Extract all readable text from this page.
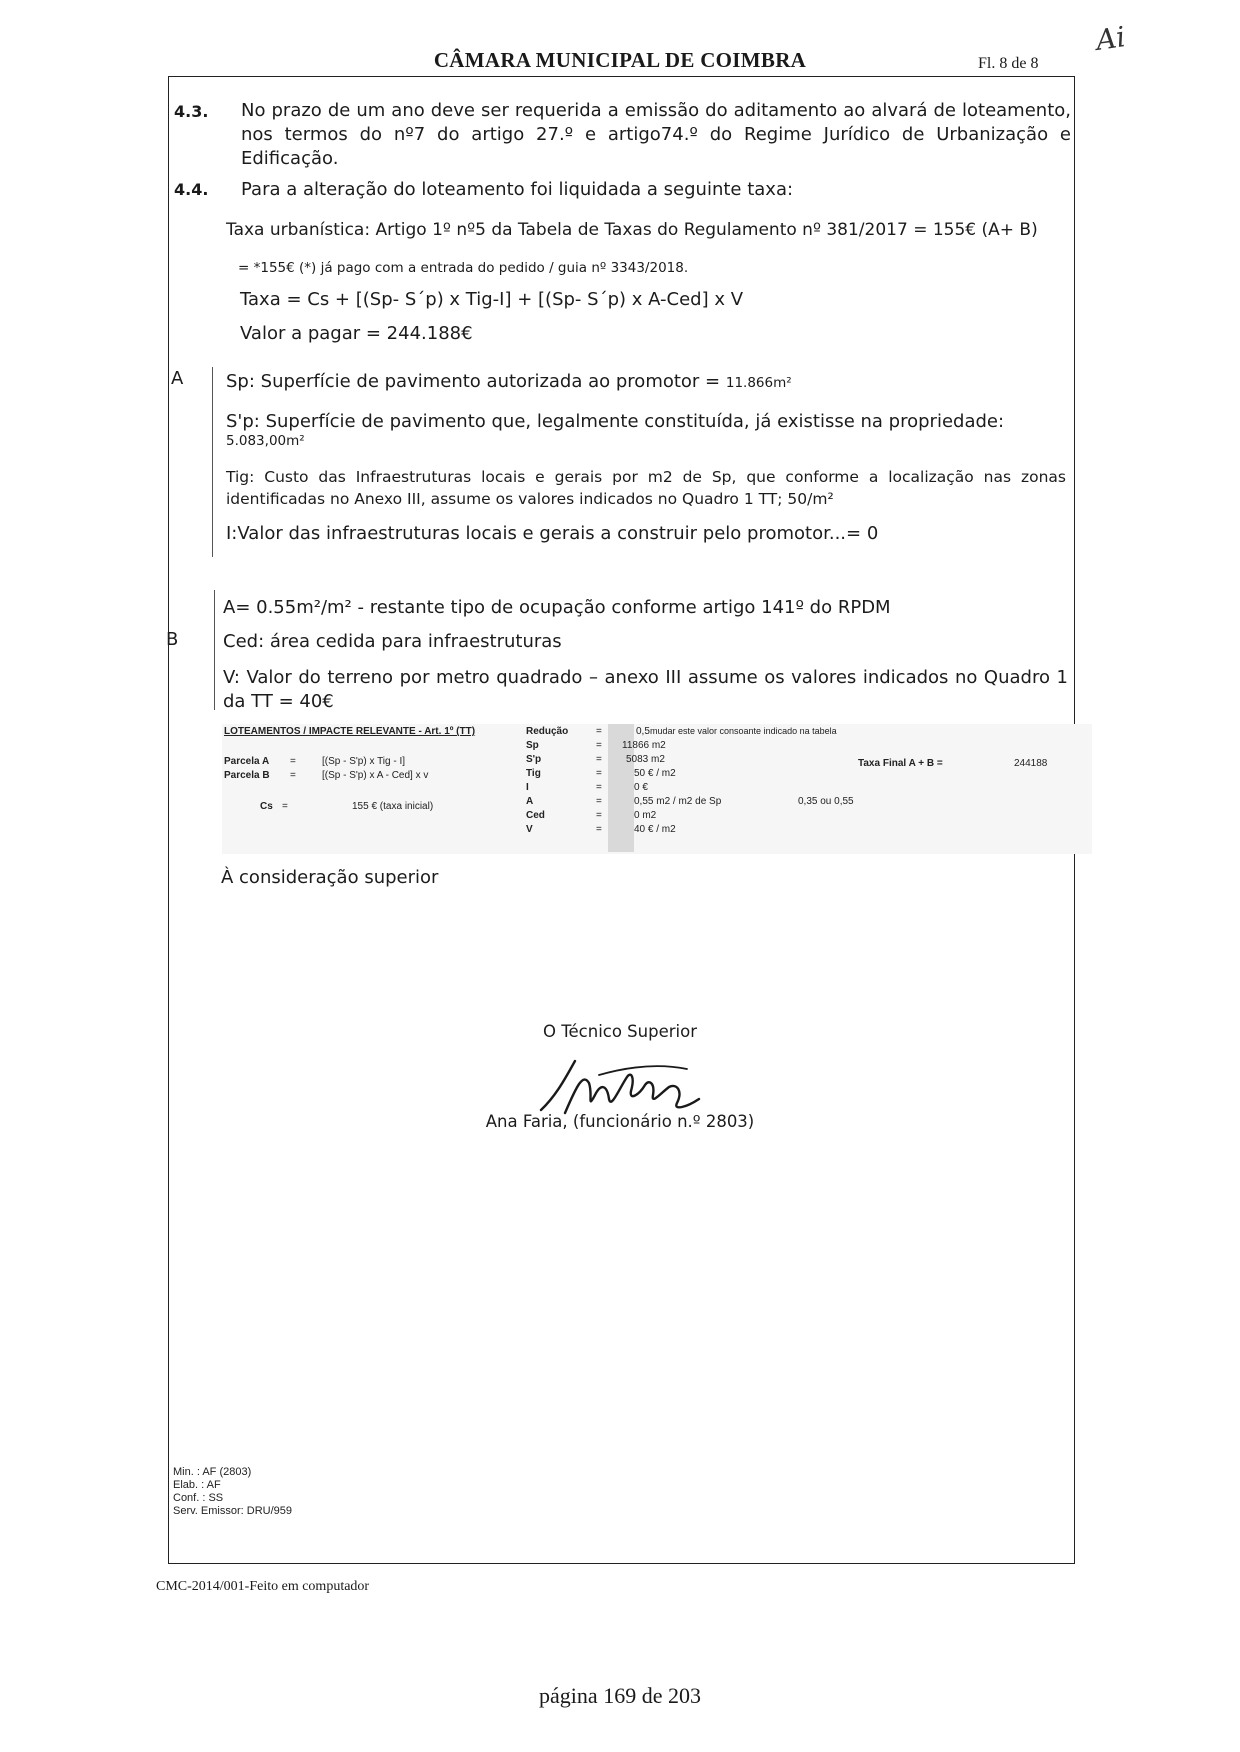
CÂMARA MUNICIPAL DE COIMBRA	Fl. 8 de 8
Ai
4.3. No prazo de um ano deve ser requerida a emissão do aditamento ao alvará de loteamento, nos termos do nº7 do artigo 27.º e artigo74.º do Regime Jurídico de Urbanização e Edificação.
4.4. Para a alteração do loteamento foi liquidada a seguinte taxa:
Taxa urbanística: Artigo 1º nº5 da Tabela de Taxas do Regulamento nº 381/2017 = 155€ (A+ B)
= *155€ (*) já pago com a entrada do pedido / guia nº 3343/2018.
Taxa = Cs + [(Sp- S´p) x Tig-I] + [(Sp- S´p) x A-Ced] x V
Valor a pagar = 244.188€
A Sp: Superfície de pavimento autorizada ao promotor = 11.866m²
S'p: Superfície de pavimento que, legalmente constituída, já existisse na propriedade:
5.083,00m²
Tig: Custo das Infraestruturas locais e gerais por m2 de Sp, que conforme a localização nas zonas identificadas no Anexo III, assume os valores indicados no Quadro 1 TT; 50/m²
I:Valor das infraestruturas locais e gerais a construir pelo promotor...= 0
B
A= 0.55m²/m² - restante tipo de ocupação conforme artigo 141º do RPDM
Ced: área cedida para infraestruturas
V: Valor do terreno por metro quadrado – anexo III assume os valores indicados no Quadro 1 da TT = 40€
LOTEAMENTOS / IMPACTE RELEVANTE - Art. 1º (TT)
Parcela A =	[(Sp - S'p) x Tig - I]
Parcela B =	[(Sp - S'p) x A - Ced] x v
Cs =	155 € (taxa inicial)
Redução	=	0,5 mudar este valor consoante indicado na tabela
Sp	= 11866 m2
S'p	= 5083 m2
Tig	=	50 € / m2
I	=	0 €
A	=	0,55 m2 / m2 de Sp	0,35 ou 0,55
Ced	=	0 m2
V	=	40 € / m2
Taxa Final A + B =	244188
À consideração superior
O Técnico Superior
Ana Faria, (funcionário n.º 2803)
Min. : AF (2803)
Elab. : AF
Conf. : SS
Serv. Emissor: DRU/959
CMC-2014/001-Feito em computador
página 169 de 203
